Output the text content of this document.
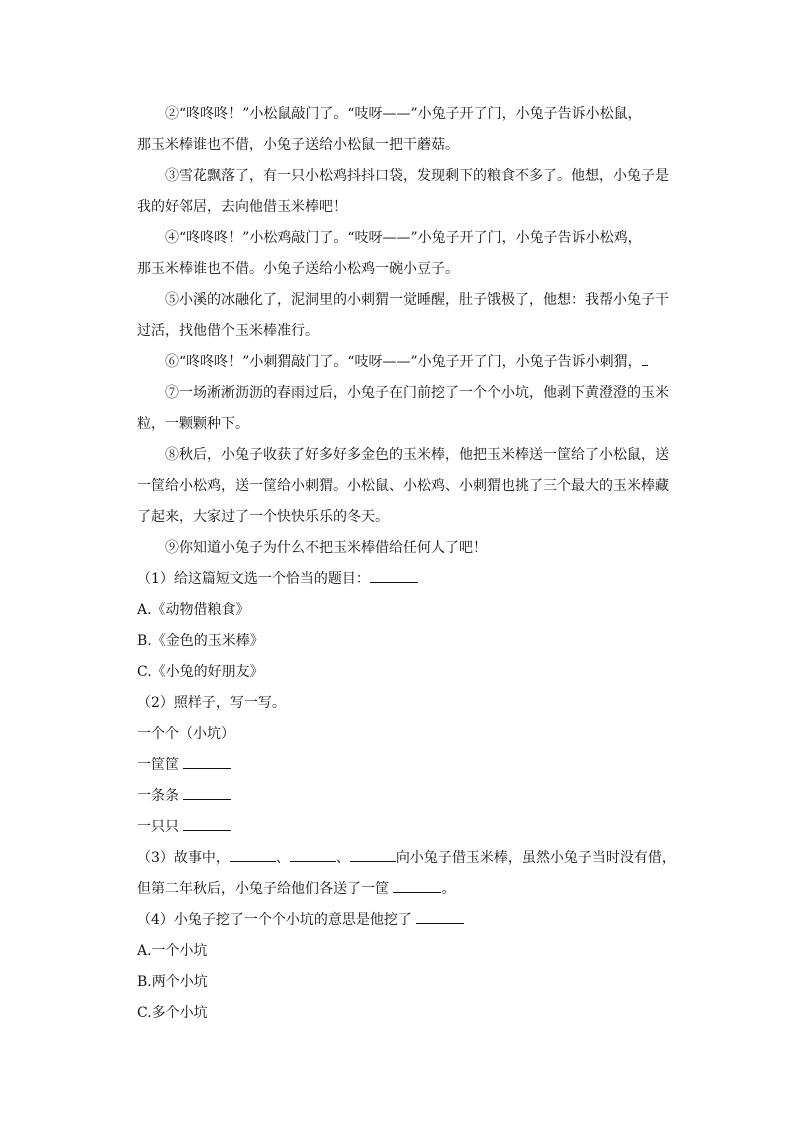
②“咚咚咚！”小松鼠敲门了。“吱呀——”小兔子开了门，小兔子告诉小松鼠，
那玉米棒谁也不借，小兔子送给小松鼠一把干蘑菇。
③雪花飘落了，有一只小松鸡抖抖口袋，发现剩下的粮食不多了。他想，小兔子是
我的好邻居，去向他借玉米棒吧！
④“咚咚咚！”小松鸡敲门了。“吱呀——”小兔子开了门，小兔子告诉小松鸡，
那玉米棒谁也不借。小兔子送给小松鸡一碗小豆子。
⑤小溪的冰融化了，泥洞里的小刺猬一觉睡醒，肚子饿极了，他想：我帮小兔子干
过活，找他借个玉米棒准行。
⑥“咚咚咚！”小刺猬敲门了。“吱呀——”小兔子开了门，小兔子告诉小刺猬，
⑦一场淅淅沥沥的春雨过后，小兔子在门前挖了一个个小坑，他剥下黄澄澄的玉米
粒，一颗颗种下。
⑧秋后，小兔子收获了好多好多金色的玉米棒，他把玉米棒送一筐给了小松鼠，送
一筐给小松鸡，送一筐给小刺猬。小松鼠、小松鸡、小刺猬也挑了三个最大的玉米棒藏
了起来，大家过了一个快快乐乐的冬天。
⑨你知道小兔子为什么不把玉米棒借给任何人了吧！
（1）给这篇短文选一个恰当的题目：
A.《动物借粮食》
B.《金色的玉米棒》
C.《小兔的好朋友》
（2）照样子，写一写。
一个个（小坑）
一筐筐
一条条
一只只
（3）故事中，	、	、	向小兔子借玉米棒，虽然小兔子当时没有借，
但第二年秋后，小兔子给他们各送了一筐	。
（4）小兔子挖了一个个小坑的意思是他挖了
A.一个小坑
B.两个小坑
C.多个小坑
